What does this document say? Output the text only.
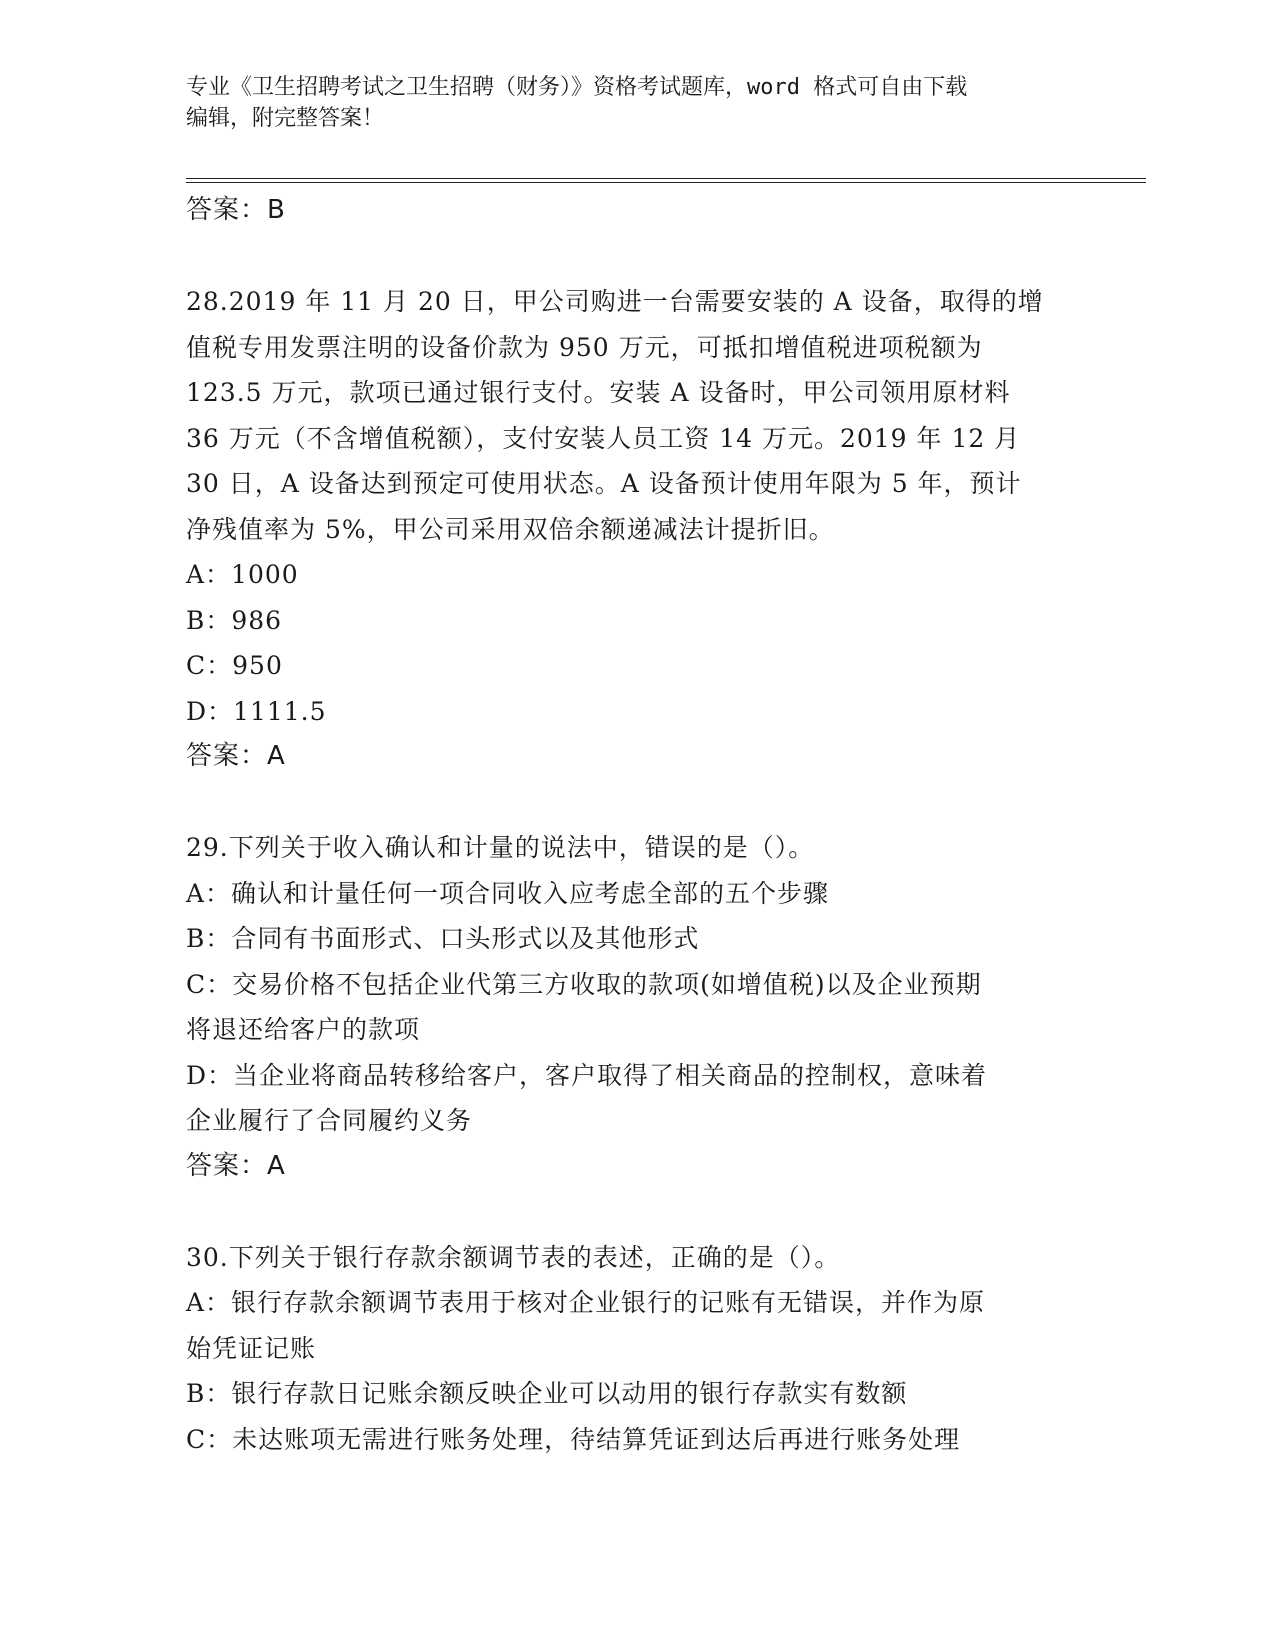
专业《卫生招聘考试之卫生招聘（财务）》资格考试题库，word 格式可自由下载
编辑，附完整答案！
答案：B
28.2019 年 11 月 20 日，甲公司购进一台需要安装的 A 设备，取得的增
值税专用发票注明的设备价款为 950 万元，可抵扣增值税进项税额为
123.5 万元，款项已通过银行支付。安装 A 设备时，甲公司领用原材料
36 万元（不含增值税额），支付安装人员工资 14 万元。2019 年 12 月
30 日，A 设备达到预定可使用状态。A 设备预计使用年限为 5 年，预计
净残值率为 5%，甲公司采用双倍余额递减法计提折旧。
A：1000
B：986
C：950
D：1111.5
答案：A
29.下列关于收入确认和计量的说法中，错误的是（）。
A：确认和计量任何一项合同收入应考虑全部的五个步骤
B：合同有书面形式、口头形式以及其他形式
C：交易价格不包括企业代第三方收取的款项(如增值税)以及企业预期
将退还给客户的款项
D：当企业将商品转移给客户，客户取得了相关商品的控制权，意味着
企业履行了合同履约义务
答案：A
30.下列关于银行存款余额调节表的表述，正确的是（）。
A：银行存款余额调节表用于核对企业银行的记账有无错误，并作为原
始凭证记账
B：银行存款日记账余额反映企业可以动用的银行存款实有数额
C：未达账项无需进行账务处理，待结算凭证到达后再进行账务处理
